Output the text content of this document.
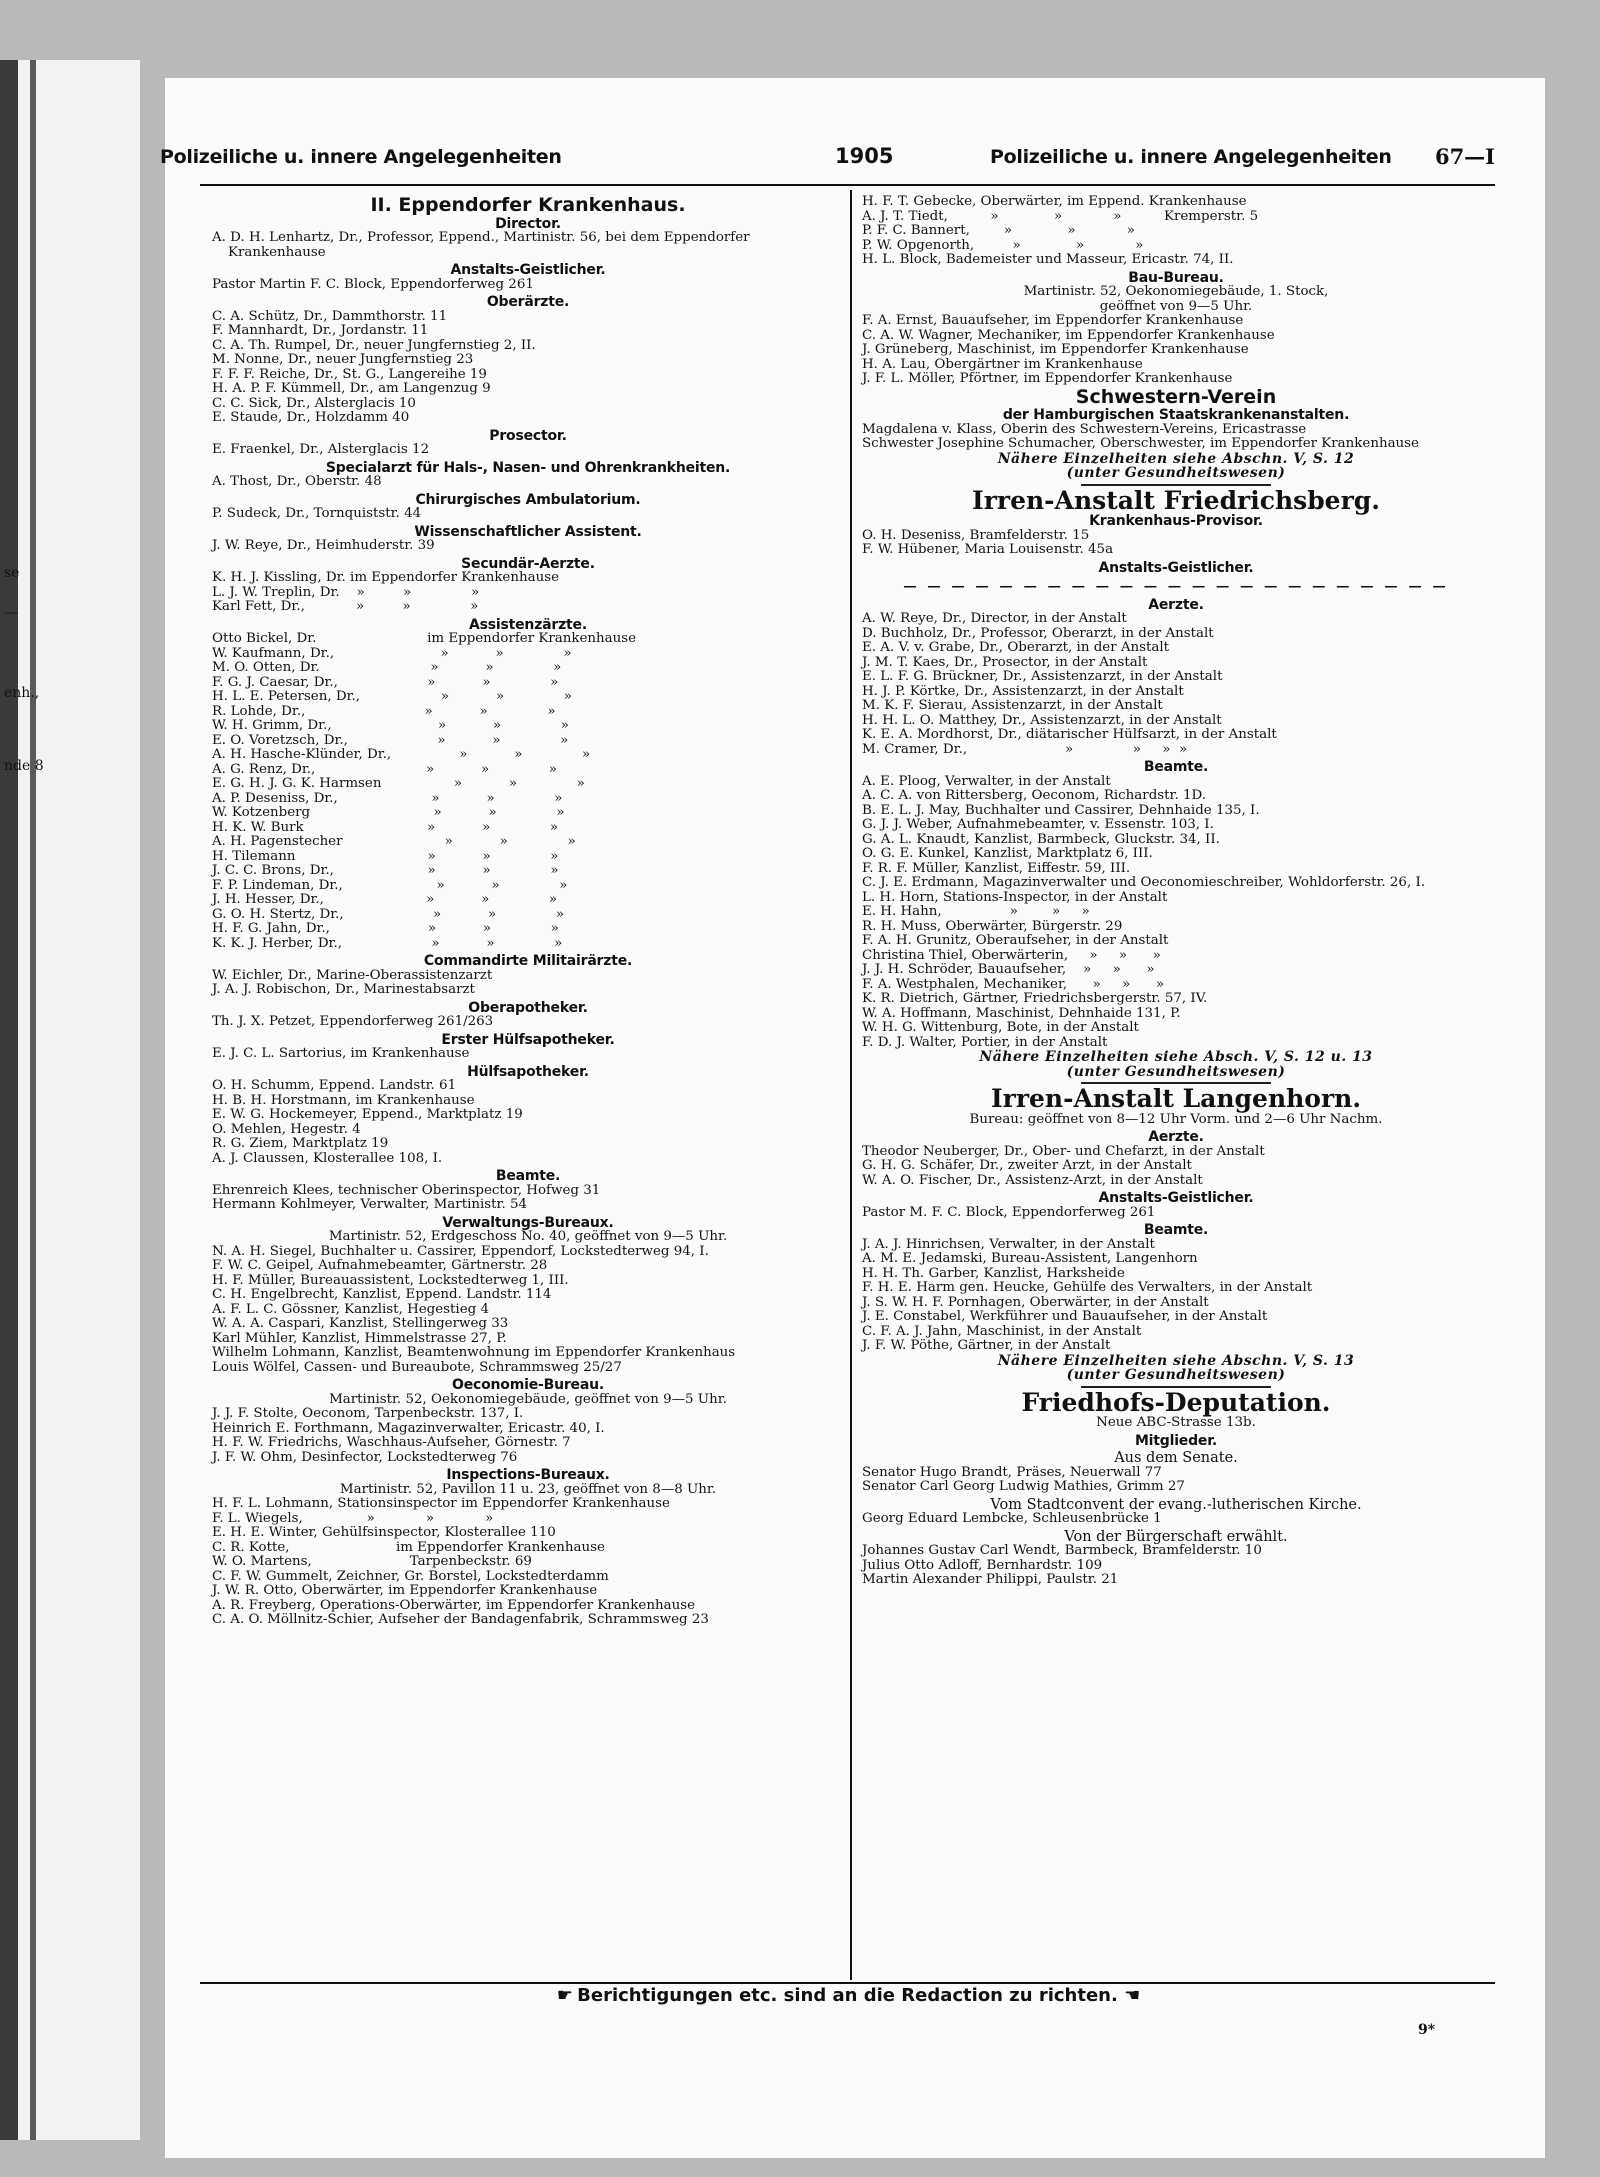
se
—
enh.,
nde 8
Polizeiliche u. innere Angelegenheiten	1905	Polizeiliche u. innere Angelegenheiten 67—I
II. Eppendorfer Krankenhaus.
Director.
A. D. H. Lenhartz, Dr., Professor, Eppend., Martinistr. 56, bei dem Eppendorfer
Krankenhause
Anstalts-Geistlicher.
Pastor Martin F. C. Block, Eppendorferweg 261
Oberärzte.
C. A. Schütz, Dr., Dammthorstr. 11
F. Mannhardt, Dr., Jordanstr. 11
C. A. Th. Rumpel, Dr., neuer Jungfernstieg 2, II.
M. Nonne, Dr., neuer Jungfernstieg 23
F. F. F. Reiche, Dr., St. G., Langereihe 19
H. A. P. F. Kümmell, Dr., am Langenzug 9
C. C. Sick, Dr., Alsterglacis 10
E. Staude, Dr., Holzdamm 40
Prosector.
E. Fraenkel, Dr., Alsterglacis 12
Specialarzt für Hals-, Nasen- und Ohrenkrankheiten.
A. Thost, Dr., Oberstr. 48
Chirurgisches Ambulatorium.
P. Sudeck, Dr., Tornquiststr. 44
Wissenschaftlicher Assistent.
J. W. Reye, Dr., Heimhuderstr. 39
Secundär-Aerzte.
K. H. J. Kissling, Dr. im Eppendorfer Krankenhause
L. J. W. Treplin, Dr.    »         »              »
Karl Fett, Dr.,            »         »              »
Assistenzärzte.
Otto Bickel, Dr.                          im Eppendorfer Krankenhause
W. Kaufmann, Dr.,                         »           »              »
M. O. Otten, Dr.                          »           »              »
F. G. J. Caesar, Dr.,                     »           »              »
H. L. E. Petersen, Dr.,                   »           »              »
R. Lohde, Dr.,                            »           »              »
W. H. Grimm, Dr.,                         »           »              »
E. O. Voretzsch, Dr.,                     »           »              »
A. H. Hasche-Klünder, Dr.,                »           »              »
A. G. Renz, Dr.,                          »           »              »
E. G. H. J. G. K. Harmsen                 »           »              »
A. P. Deseniss, Dr.,                      »           »              »
W. Kotzenberg                             »           »              »
H. K. W. Burk                             »           »              »
A. H. Pagenstecher                        »           »              »
H. Tilemann                               »           »              »
J. C. C. Brons, Dr.,                      »           »              »
F. P. Lindeman, Dr.,                      »           »              »
J. H. Hesser, Dr.,                        »           »              »
G. O. H. Stertz, Dr.,                     »           »              »
H. F. G. Jahn, Dr.,                       »           »              »
K. K. J. Herber, Dr.,                     »           »              »
Commandirte Militairärzte.
W. Eichler, Dr., Marine-Oberassistenzarzt
J. A. J. Robischon, Dr., Marinestabsarzt
Oberapotheker.
Th. J. X. Petzet, Eppendorferweg 261/263
Erster Hülfsapotheker.
E. J. C. L. Sartorius, im Krankenhause
Hülfsapotheker.
O. H. Schumm, Eppend. Landstr. 61
H. B. H. Horstmann, im Krankenhause
E. W. G. Hockemeyer, Eppend., Marktplatz 19
O. Mehlen, Hegestr. 4
R. G. Ziem, Marktplatz 19
A. J. Claussen, Klosterallee 108, I.
Beamte.
Ehrenreich Klees, technischer Oberinspector, Hofweg 31
Hermann Kohlmeyer, Verwalter, Martinistr. 54
Verwaltungs-Bureaux.
Martinistr. 52, Erdgeschoss No. 40, geöffnet von 9—5 Uhr.
N. A. H. Siegel, Buchhalter u. Cassirer, Eppendorf, Lockstedterweg 94, I.
F. W. C. Geipel, Aufnahmebeamter, Gärtnerstr. 28
H. F. Müller, Bureauassistent, Lockstedterweg 1, III.
C. H. Engelbrecht, Kanzlist, Eppend. Landstr. 114
A. F. L. C. Gössner, Kanzlist, Hegestieg 4
W. A. A. Caspari, Kanzlist, Stellingerweg 33
Karl Mühler, Kanzlist, Himmelstrasse 27, P.
Wilhelm Lohmann, Kanzlist, Beamtenwohnung im Eppendorfer Krankenhaus
Louis Wölfel, Cassen- und Bureaubote, Schrammsweg 25/27
Oeconomie-Bureau.
Martinistr. 52, Oekonomiegebäude, geöffnet von 9—5 Uhr.
J. J. F. Stolte, Oeconom, Tarpenbeckstr. 137, I.
Heinrich E. Forthmann, Magazinverwalter, Ericastr. 40, I.
H. F. W. Friedrichs, Waschhaus-Aufseher, Görnestr. 7
J. F. W. Ohm, Desinfector, Lockstedterweg 76
Inspections-Bureaux.
Martinistr. 52, Pavillon 11 u. 23, geöffnet von 8—8 Uhr.
H. F. L. Lohmann, Stationsinspector im Eppendorfer Krankenhause
F. L. Wiegels,               »            »            »
E. H. E. Winter, Gehülfsinspector, Klosterallee 110
C. R. Kotte,                         im Eppendorfer Krankenhause
W. O. Martens,                       Tarpenbeckstr. 69
C. F. W. Gummelt, Zeichner, Gr. Borstel, Lockstedterdamm
J. W. R. Otto, Oberwärter, im Eppendorfer Krankenhause
A. R. Freyberg, Operations-Oberwärter, im Eppendorfer Krankenhause
C. A. O. Möllnitz-Schier, Aufseher der Bandagenfabrik, Schrammsweg 23
H. F. T. Gebecke, Oberwärter, im Eppend. Krankenhause
A. J. T. Tiedt,          »             »            »          Kremperstr. 5
P. F. C. Bannert,        »             »            »
P. W. Opgenorth,         »             »            »
H. L. Block, Bademeister und Masseur, Ericastr. 74, II.
Bau-Bureau.
Martinistr. 52, Oekonomiegebäude, 1. Stock,
geöffnet von 9—5 Uhr.
F. A. Ernst, Bauaufseher, im Eppendorfer Krankenhause
C. A. W. Wagner, Mechaniker, im Eppendorfer Krankenhause
J. Grüneberg, Maschinist, im Eppendorfer Krankenhause
H. A. Lau, Obergärtner im Krankenhause
J. F. L. Möller, Pförtner, im Eppendorfer Krankenhause
Schwestern-Verein
der Hamburgischen Staatskrankenanstalten.
Magdalena v. Klass, Oberin des Schwestern-Vereins, Ericastrasse
Schwester Josephine Schumacher, Oberschwester, im Eppendorfer Krankenhause
Nähere Einzelheiten siehe Abschn. V, S. 12
(unter Gesundheitswesen)
Irren-Anstalt Friedrichsberg.
Krankenhaus-Provisor.
O. H. Deseniss, Bramfelderstr. 15
F. W. Hübener, Maria Louisenstr. 45a
Anstalts-Geistlicher.
— — — — — — — — — — — — — — — — — — — — — — —
Aerzte.
A. W. Reye, Dr., Director, in der Anstalt
D. Buchholz, Dr., Professor, Oberarzt, in der Anstalt
E. A. V. v. Grabe, Dr., Oberarzt, in der Anstalt
J. M. T. Kaes, Dr., Prosector, in der Anstalt
E. L. F. G. Brückner, Dr., Assistenzarzt, in der Anstalt
H. J. P. Körtke, Dr., Assistenzarzt, in der Anstalt
M. K. F. Sierau, Assistenzarzt, in der Anstalt
H. H. L. O. Matthey, Dr., Assistenzarzt, in der Anstalt
K. E. A. Mordhorst, Dr., diätarischer Hülfsarzt, in der Anstalt
M. Cramer, Dr.,                       »              »     »  »
Beamte.
A. E. Ploog, Verwalter, in der Anstalt
A. C. A. von Rittersberg, Oeconom, Richardstr. 1D.
B. E. L. J. May, Buchhalter und Cassirer, Dehnhaide 135, I.
G. J. J. Weber, Aufnahmebeamter, v. Essenstr. 103, I.
G. A. L. Knaudt, Kanzlist, Barmbeck, Gluckstr. 34, II.
O. G. E. Kunkel, Kanzlist, Marktplatz 6, III.
F. R. F. Müller, Kanzlist, Eiffestr. 59, III.
C. J. E. Erdmann, Magazinverwalter und Oeconomieschreiber, Wohldorferstr. 26, I.
L. H. Horn, Stations-Inspector, in der Anstalt
E. H. Hahn,                »        »     »
R. H. Muss, Oberwärter, Bürgerstr. 29
F. A. H. Grunitz, Oberaufseher, in der Anstalt
Christina Thiel, Oberwärterin,     »     »      »
J. J. H. Schröder, Bauaufseher,    »     »      »
F. A. Westphalen, Mechaniker,      »     »      »
K. R. Dietrich, Gärtner, Friedrichsbergerstr. 57, IV.
W. A. Hoffmann, Maschinist, Dehnhaide 131, P.
W. H. G. Wittenburg, Bote, in der Anstalt
F. D. J. Walter, Portier, in der Anstalt
Nähere Einzelheiten siehe Absch. V, S. 12 u. 13
(unter Gesundheitswesen)
Irren-Anstalt Langenhorn.
Bureau: geöffnet von 8—12 Uhr Vorm. und 2—6 Uhr Nachm.
Aerzte.
Theodor Neuberger, Dr., Ober- und Chefarzt, in der Anstalt
G. H. G. Schäfer, Dr., zweiter Arzt, in der Anstalt
W. A. O. Fischer, Dr., Assistenz-Arzt, in der Anstalt
Anstalts-Geistlicher.
Pastor M. F. C. Block, Eppendorferweg 261
Beamte.
J. A. J. Hinrichsen, Verwalter, in der Anstalt
A. M. E. Jedamski, Bureau-Assistent, Langenhorn
H. H. Th. Garber, Kanzlist, Harksheide
F. H. E. Harm gen. Heucke, Gehülfe des Verwalters, in der Anstalt
J. S. W. H. F. Pornhagen, Oberwärter, in der Anstalt
J. E. Constabel, Werkführer und Bauaufseher, in der Anstalt
C. F. A. J. Jahn, Maschinist, in der Anstalt
J. F. W. Pöthe, Gärtner, in der Anstalt
Nähere Einzelheiten siehe Abschn. V, S. 13
(unter Gesundheitswesen)
Friedhofs-Deputation.
Neue ABC-Strasse 13b.
Mitglieder.
Aus dem Senate.
Senator Hugo Brandt, Präses, Neuerwall 77
Senator Carl Georg Ludwig Mathies, Grimm 27
Vom Stadtconvent der evang.-lutherischen Kirche.
Georg Eduard Lembcke, Schleusenbrücke 1
Von der Bürgerschaft erwählt.
Johannes Gustav Carl Wendt, Barmbeck, Bramfelderstr. 10
Julius Otto Adloff, Bernhardstr. 109
Martin Alexander Philippi, Paulstr. 21
☛ Berichtigungen etc. sind an die Redaction zu richten. ☚
9*
